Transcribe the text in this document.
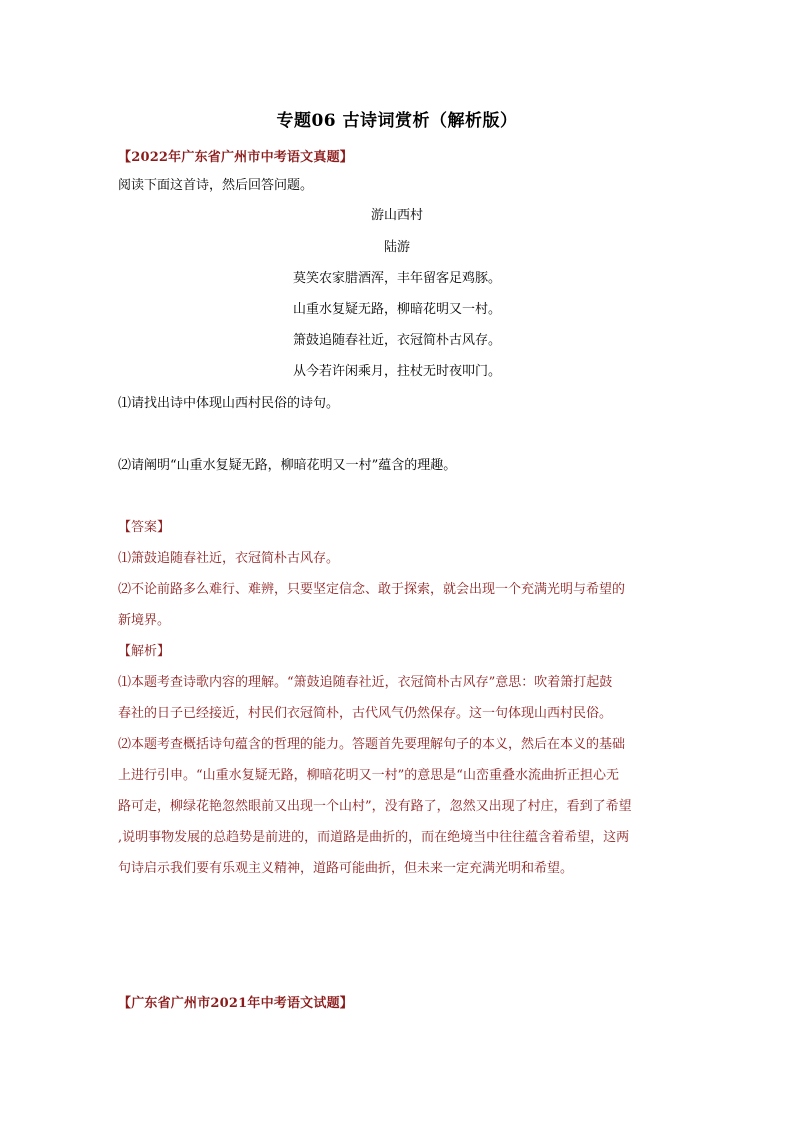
专题06 古诗词赏析（解析版）
【2022年广东省广州市中考语文真题】
阅读下面这首诗，然后回答问题。
游山西村
陆游
莫笑农家腊酒浑，丰年留客足鸡豚。
山重水复疑无路，柳暗花明又一村。
箫鼓追随春社近，衣冠简朴古风存。
从今若许闲乘月，拄杖无时夜叩门。
⑴请找出诗中体现山西村民俗的诗句。
⑵请阐明“山重水复疑无路，柳暗花明又一村”蕴含的理趣。
【答案】
⑴箫鼓追随春社近，衣冠简朴古风存。
⑵不论前路多么难行、难辨，只要坚定信念、敢于探索，就会出现一个充满光明与希望的
新境界。
【解析】
⑴本题考查诗歌内容的理解。“箫鼓追随春社近，衣冠简朴古风存”意思：吹着箫打起鼓
春社的日子已经接近，村民们衣冠简朴，古代风气仍然保存。这一句体现山西村民俗。
⑵本题考查概括诗句蕴含的哲理的能力。答题首先要理解句子的本义，然后在本义的基础
上进行引申。“山重水复疑无路，柳暗花明又一村”的意思是“山峦重叠水流曲折正担心无
路可走，柳绿花艳忽然眼前又出现一个山村”，没有路了，忽然又出现了村庄，看到了希望
,说明事物发展的总趋势是前进的，而道路是曲折的，而在绝境当中往往蕴含着希望，这两
句诗启示我们要有乐观主义精神，道路可能曲折，但未来一定充满光明和希望。
【广东省广州市2021年中考语文试题】
